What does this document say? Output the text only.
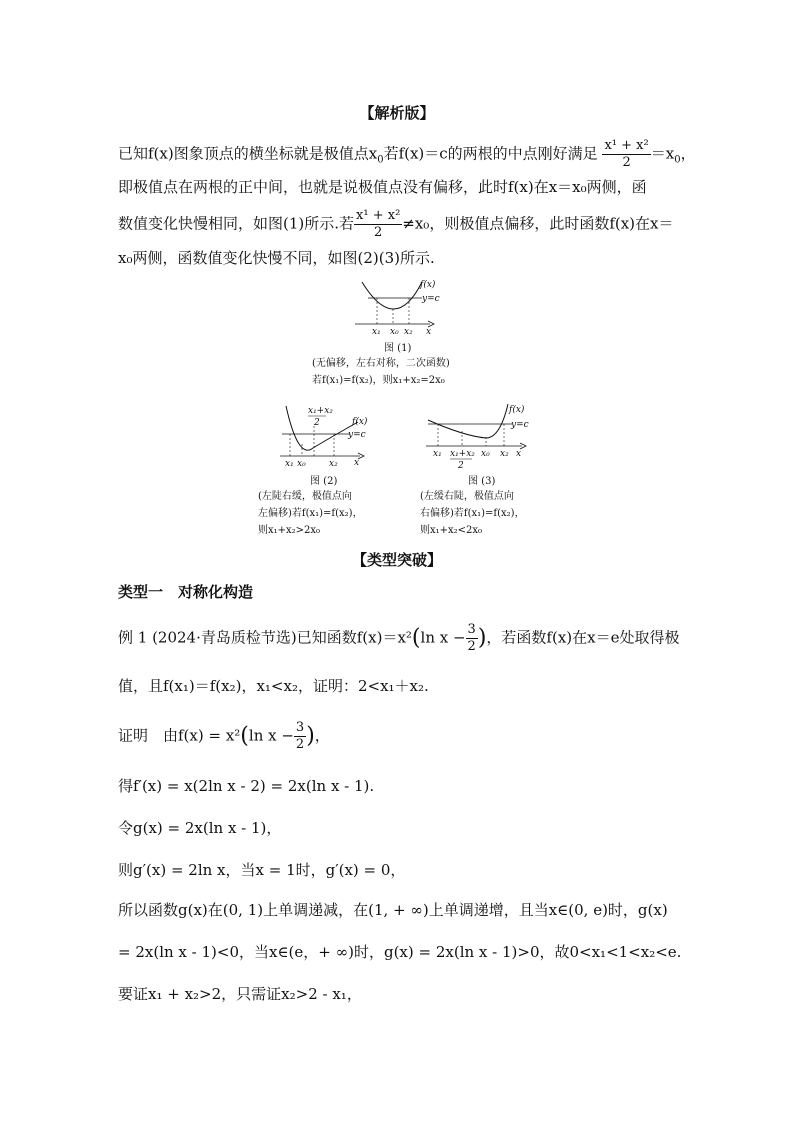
【解析版】
已知f(x)图象顶点的横坐标就是极值点$x_0$若f(x)＝c的两根的中点刚好满足 $\frac{\text{x¹ + x²}}{2} =x_0$，
即极值点在两根的正中间，也就是说极值点没有偏移，此时f(x)在x＝x₀两侧，函
数值变化快慢相同，如图(1)所示.若 $\frac{\text{x¹ + x²}}{2} \ne x_0$，则极值点偏移，此时函数f(x)在x＝
x₀两侧，函数值变化快慢不同，如图(2)(3)所示.
f(x)
y=c
x₁ x₀ x₂ x
图 (1)
(无偏移，左右对称，二次函数)
若f(x₁)=f(x₂)，则x₁+x₂=2x₀
x₁+x₂
2	f(x)
y=c
x₁ x₀	x₂ x
图 (2)
(左陡右缓，极值点向
左偏移)若f(x₁)=f(x₂)，
则x₁+x₂>2x₀
f(x)
y=c
x₁ x₁+x₂
2
x₀ x₂ x
图 (3)
(左缓右陡，极值点向
右偏移)若f(x₁)=f(x₂)，
则x₁+x₂<2x₀
【类型突破】
类型一　对称化构造
例 1 (2024·青岛质检节选)已知函数f(x)＝x²(ln $x - \frac{3}{2}$ )，若函数f(x)在x＝e处取得极
值，且f(x₁)＝f(x₂)，x₁<x₂，证明：2<x₁＋x₂.
证明　由f(x) = x²(ln $x - \frac{3}{2}$ )，
得f′(x) = x(2ln x - 2) = 2x(ln x - 1).
令g(x) = 2x(ln x - 1)，
则g′(x) = 2ln x，当x = 1时，g′(x) = 0，
所以函数g(x)在(0, 1)上单调递减，在(1, + ∞)上单调递增，且当x∈(0, e)时，g(x)
= 2x(ln x - 1)<0，当x∈(e，+ ∞)时，g(x) = 2x(ln x - 1)>0，故0<x₁<1<x₂<e.
要证x₁ + x₂>2，只需证x₂>2 - x₁，
